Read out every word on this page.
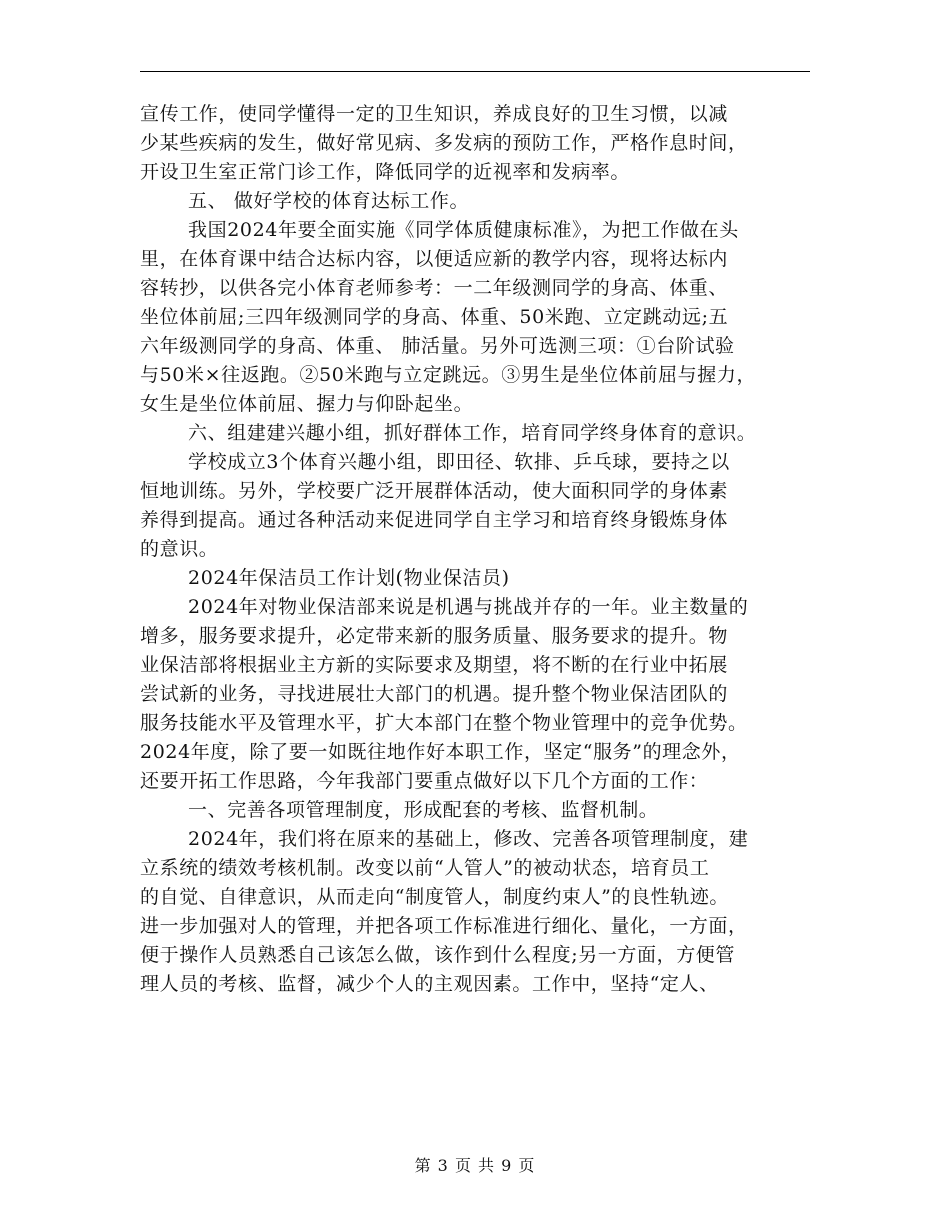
宣传工作，使同学懂得一定的卫生知识，养成良好的卫生习惯，以减
少某些疾病的发生，做好常见病、多发病的预防工作，严格作息时间，
开设卫生室正常门诊工作，降低同学的近视率和发病率。
五、 做好学校的体育达标工作。
我国2024年要全面实施《同学体质健康标准》，为把工作做在头
里，在体育课中结合达标内容，以便适应新的教学内容，现将达标内
容转抄，以供各完小体育老师参考：一二年级测同学的身高、体重、
坐位体前屈;三四年级测同学的身高、体重、50米跑、立定跳动远;五
六年级测同学的身高、体重、 肺活量。另外可选测三项：①台阶试验
与50米×往返跑。②50米跑与立定跳远。③男生是坐位体前屈与握力，
女生是坐位体前屈、握力与仰卧起坐。
六、组建建兴趣小组，抓好群体工作，培育同学终身体育的意识。
学校成立3个体育兴趣小组，即田径、软排、乒乓球，要持之以
恒地训练。另外，学校要广泛开展群体活动，使大面积同学的身体素
养得到提高。通过各种活动来促进同学自主学习和培育终身锻炼身体
的意识。
2024年保洁员工作计划(物业保洁员)
2024年对物业保洁部来说是机遇与挑战并存的一年。业主数量的
增多，服务要求提升，必定带来新的服务质量、服务要求的提升。物
业保洁部将根据业主方新的实际要求及期望，将不断的在行业中拓展
尝试新的业务，寻找进展壮大部门的机遇。提升整个物业保洁团队的
服务技能水平及管理水平，扩大本部门在整个物业管理中的竞争优势。
2024年度，除了要一如既往地作好本职工作，坚定“服务”的理念外，
还要开拓工作思路，今年我部门要重点做好以下几个方面的工作：
一、完善各项管理制度，形成配套的考核、监督机制。
2024年，我们将在原来的基础上，修改、完善各项管理制度，建
立系统的绩效考核机制。改变以前“人管人”的被动状态，培育员工
的自觉、自律意识，从而走向“制度管人，制度约束人”的良性轨迹。
进一步加强对人的管理，并把各项工作标准进行细化、量化，一方面，
便于操作人员熟悉自己该怎么做，该作到什么程度;另一方面，方便管
理人员的考核、监督，减少个人的主观因素。工作中，坚持“定人、
第 3 页 共 9 页
